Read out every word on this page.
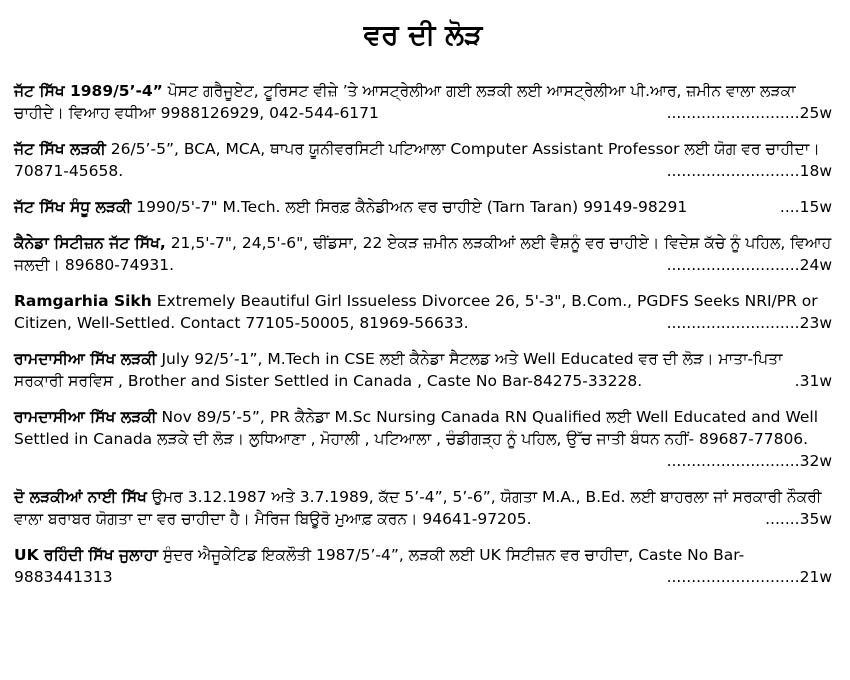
ਵਰ ਦੀ ਲੋੜ

ਜੱਟ ਸਿੱਖ 1989/5’-4” ਪੋਸਟ ਗਰੈਜੂਏਟ, ਟੂਰਿਸਟ ਵੀਜ਼ੇ ’ਤੇ ਆਸਟ੍ਰੇਲੀਆ ਗਈ ਲੜਕੀ ਲਈ ਆਸਟ੍ਰੇਲੀਆ ਪੀ.ਆਰ, ਜ਼ਮੀਨ ਵਾਲਾ ਲੜਕਾ ਚਾਹੀਦੇ। ਵਿਆਹ ਵਧੀਆ 9988126929, 042-544-6171	...........................25w

ਜੱਟ ਸਿੱਖ ਲੜਕੀ 26/5’-5”, BCA, MCA, ਥਾਪਰ ਯੂਨੀਵਰਸਿਟੀ ਪਟਿਆਲਾ Computer Assistant Professor ਲਈ ਯੋਗ ਵਰ ਚਾਹੀਦਾ। 70871-45658.	...........................18w

ਜੱਟ ਸਿੱਖ ਸੰਧੂ ਲੜਕੀ 1990/5'-7" M.Tech. ਲਈ ਸਿਰਫ਼ ਕੈਨੇਡੀਅਨ ਵਰ ਚਾਹੀਏ (Tarn Taran) 99149-98291	....15w

ਕੈਨੇਡਾ ਸਿਟੀਜ਼ਨ ਜੱਟ ਸਿੱਖ, 21,5'-7", 24,5'-6", ਢੀਂਡਸਾ, 22 ਏਕੜ ਜ਼ਮੀਨ ਲੜਕੀਆਂ ਲਈ ਵੈਸ਼ਨੂੰ ਵਰ ਚਾਹੀਏ। ਵਿਦੇਸ਼ ਕੱਚੇ ਨੂੰ ਪਹਿਲ, ਵਿਆਹ ਜਲਦੀ। 89680-74931.	...........................24w

Ramgarhia Sikh Extremely Beautiful Girl Issueless Divorcee 26, 5'-3", B.Com., PGDFS Seeks NRI/PR or Citizen, Well-Settled. Contact 77105-50005, 81969-56633.	...........................23w

ਰਾਮਦਾਸੀਆ ਸਿੱਖ ਲੜਕੀ July 92/5’-1”, M.Tech in CSE ਲਈ ਕੈਨੇਡਾ ਸੈਟਲਡ ਅਤੇ Well Educated ਵਰ ਦੀ ਲੋੜ। ਮਾਤਾ-ਪਿਤਾ ਸਰਕਾਰੀ ਸਰਵਿਸ , Brother and Sister Settled in Canada , Caste No Bar-84275-33228.	.31w

ਰਾਮਦਾਸੀਆ ਸਿੱਖ ਲੜਕੀ Nov 89/5’-5”, PR ਕੈਨੇਡਾ M.Sc Nursing Canada RN Qualified ਲਈ Well Educated and Well Settled in Canada ਲੜਕੇ ਦੀ ਲੋੜ। ਲੁਧਿਆਣਾ , ਮੋਹਾਲੀ , ਪਟਿਆਲਾ , ਚੰਡੀਗੜ੍ਹ ਨੂੰ ਪਹਿਲ, ਉੱਚ ਜਾਤੀ ਬੰਧਨ ਨਹੀਂ- 89687-77806.
...........................32w

ਦੋ ਲੜਕੀਆਂ ਨਾਈ ਸਿੱਖ ਉਮਰ 3.12.1987 ਅਤੇ 3.7.1989, ਕੱਦ 5’-4”, 5’-6”, ਯੋਗਤਾ M.A., B.Ed. ਲਈ ਬਾਹਰਲਾ ਜਾਂ ਸਰਕਾਰੀ ਨੌਕਰੀ ਵਾਲਾ ਬਰਾਬਰ ਯੋਗਤਾ ਦਾ ਵਰ ਚਾਹੀਦਾ ਹੈ। ਮੈਰਿਜ ਬਿਊਰੋ ਮੁਆਫ਼ ਕਰਨ। 94641-97205.	.......35w

UK ਰਹਿੰਦੀ ਸਿੱਖ ਜੁਲਾਹਾ ਸੁੰਦਰ ਐਜੂਕੇਟਿਡ ਇਕਲੌਤੀ 1987/5’-4”, ਲੜਕੀ ਲਈ UK ਸਿਟੀਜ਼ਨ ਵਰ ਚਾਹੀਦਾ, Caste No Bar-9883441313	...........................21w
